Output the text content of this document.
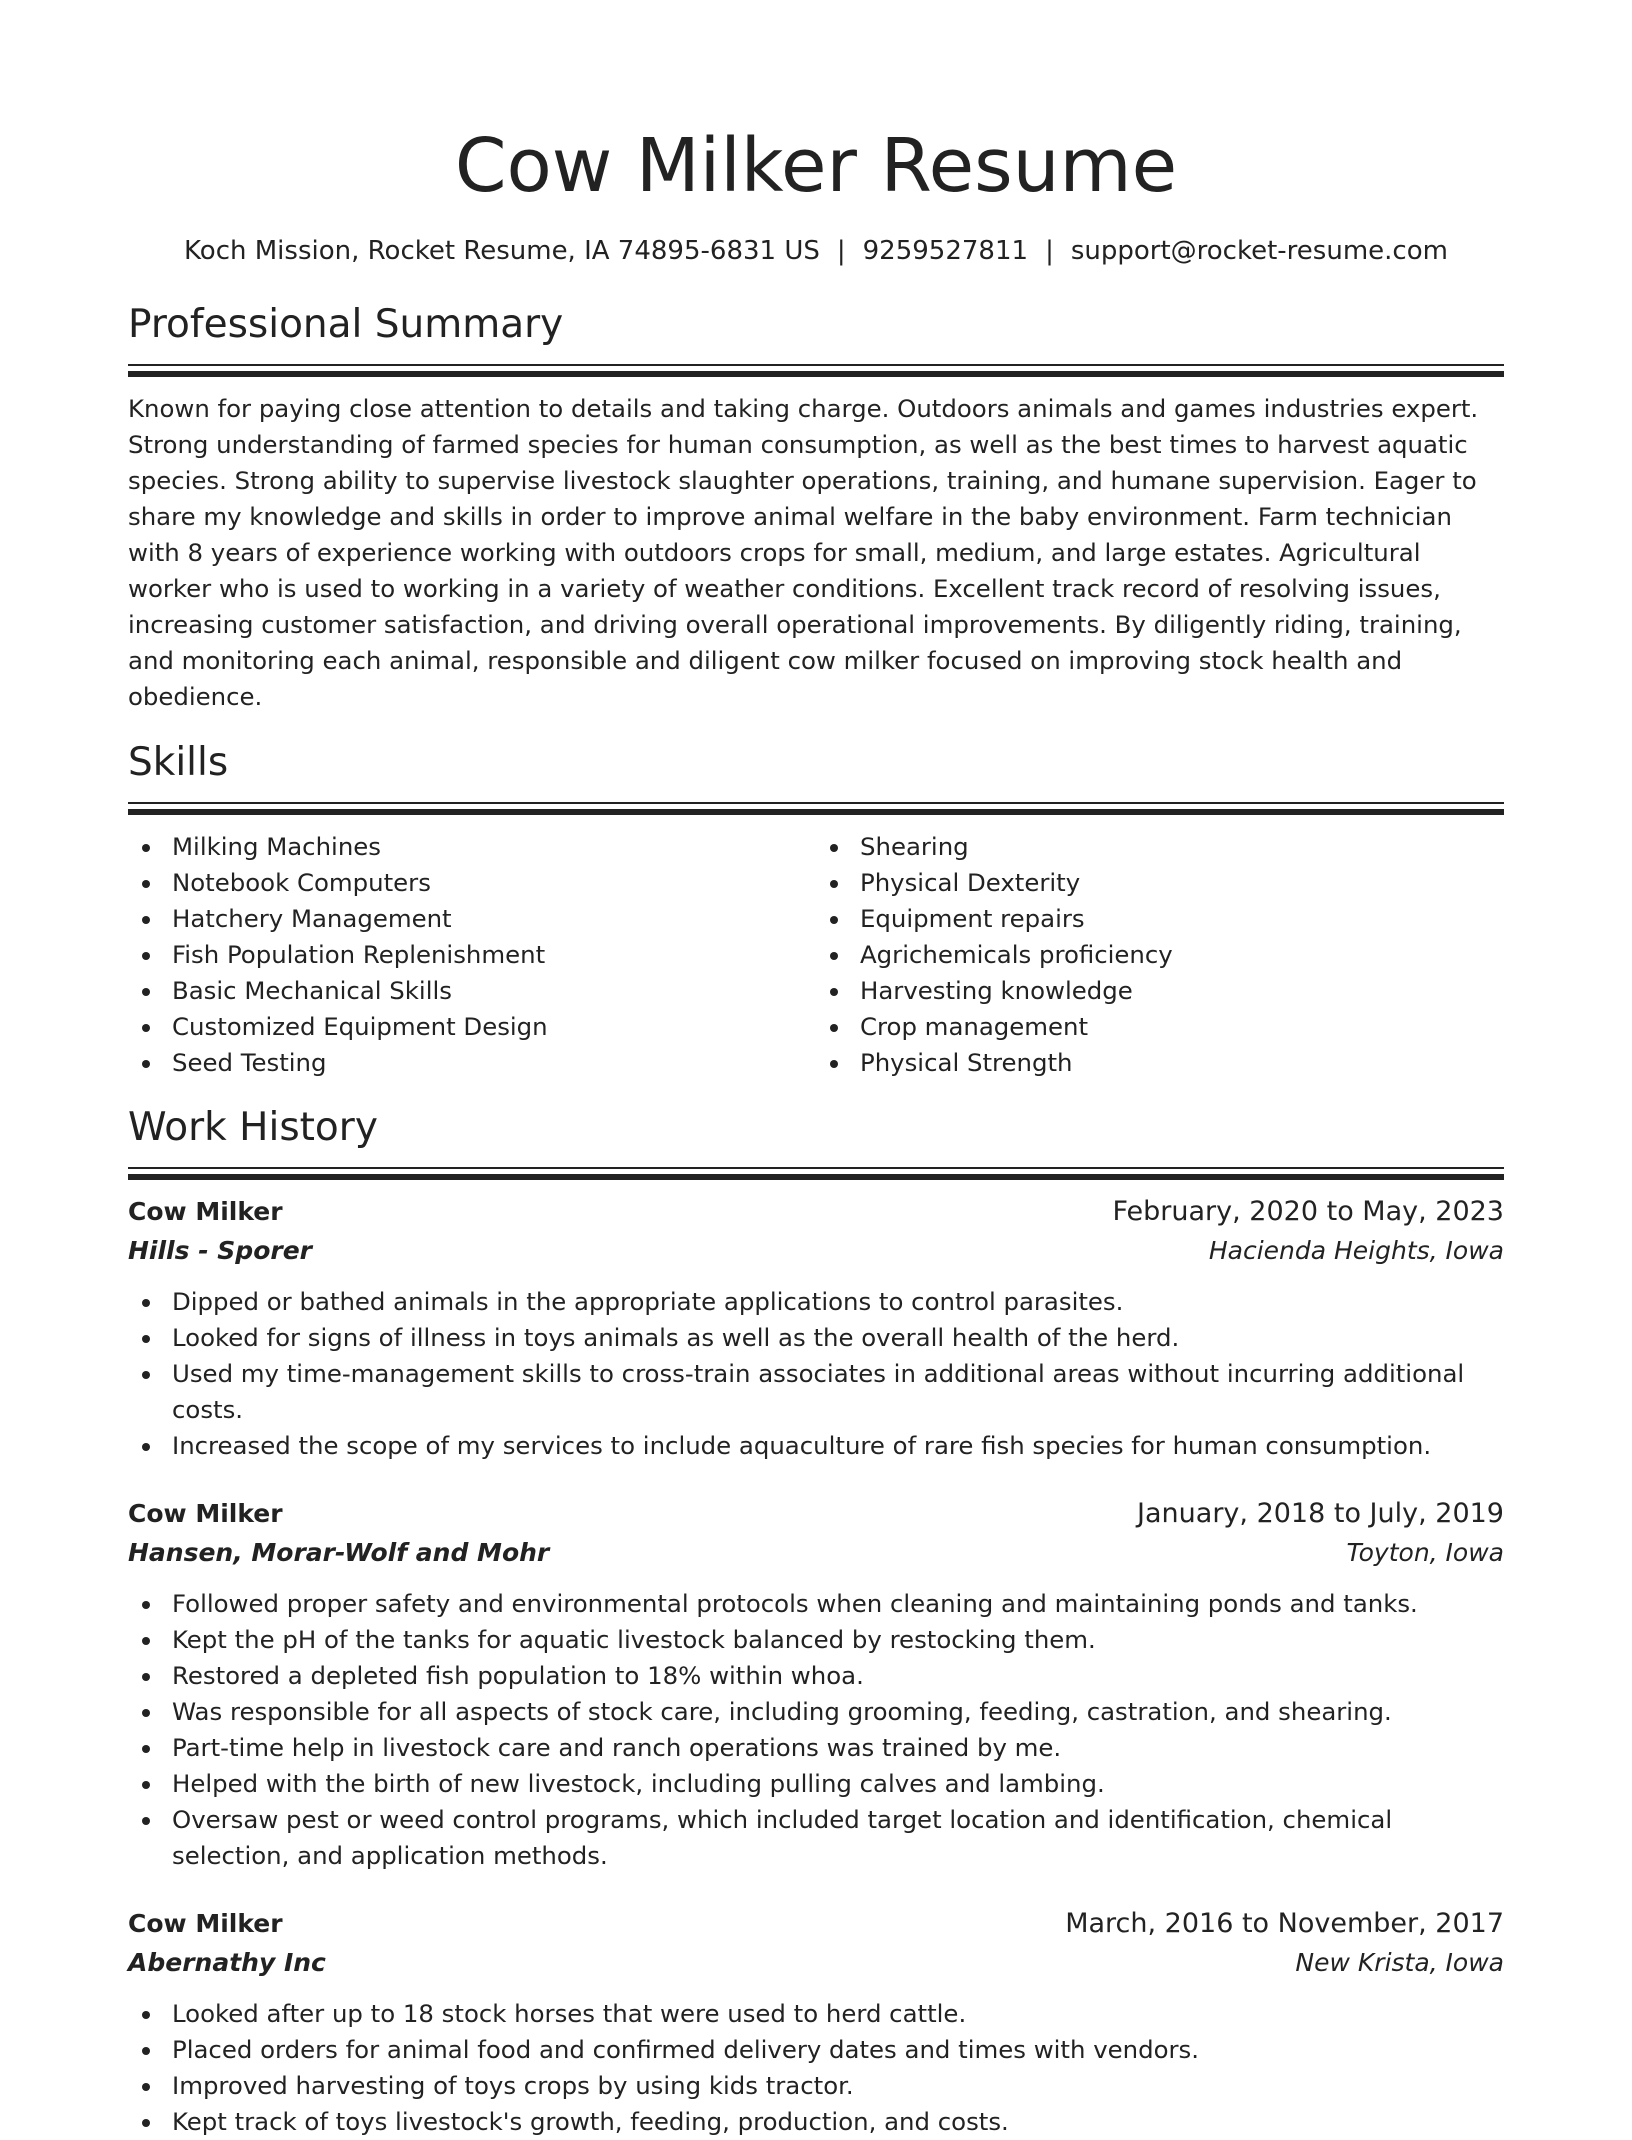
Cow Milker Resume
Koch Mission, Rocket Resume, IA 74895-6831 US | 9259527811 | support@rocket-resume.com
Professional Summary

Known for paying close attention to details and taking charge. Outdoors animals and games industries expert. Strong understanding of farmed species for human consumption, as well as the best times to harvest aquatic species. Strong ability to supervise livestock slaughter operations, training, and humane supervision. Eager to share my knowledge and skills in order to improve animal welfare in the baby environment. Farm technician with 8 years of experience working with outdoors crops for small, medium, and large estates. Agricultural worker who is used to working in a variety of weather conditions. Excellent track record of resolving issues, increasing customer satisfaction, and driving overall operational improvements. By diligently riding, training, and monitoring each animal, responsible and diligent cow milker focused on improving stock health and obedience.

Skills
Milking Machines
Notebook Computers
Hatchery Management
Fish Population Replenishment
Basic Mechanical Skills
Customized Equipment Design
Seed Testing
Shearing
Physical Dexterity
Equipment repairs
Agrichemicals proficiency
Harvesting knowledge
Crop management
Physical Strength
Work History
Cow Milker	February, 2020 to May, 2023
Hills - Sporer	Hacienda Heights, Iowa
Dipped or bathed animals in the appropriate applications to control parasites.
Looked for signs of illness in toys animals as well as the overall health of the herd.
Used my time-management skills to cross-train associates in additional areas without incurring additional costs.
Increased the scope of my services to include aquaculture of rare fish species for human consumption.
Cow Milker	January, 2018 to July, 2019
Hansen, Morar-Wolf and Mohr	Toyton, Iowa
Followed proper safety and environmental protocols when cleaning and maintaining ponds and tanks.
Kept the pH of the tanks for aquatic livestock balanced by restocking them.
Restored a depleted fish population to 18% within whoa.
Was responsible for all aspects of stock care, including grooming, feeding, castration, and shearing.
Part-time help in livestock care and ranch operations was trained by me.
Helped with the birth of new livestock, including pulling calves and lambing.
Oversaw pest or weed control programs, which included target location and identification, chemical selection, and application methods.
Cow Milker	March, 2016 to November, 2017
Abernathy Inc	New Krista, Iowa
Looked after up to 18 stock horses that were used to herd cattle.
Placed orders for animal food and confirmed delivery dates and times with vendors.
Improved harvesting of toys crops by using kids tractor.
Kept track of toys livestock's growth, feeding, production, and costs.
